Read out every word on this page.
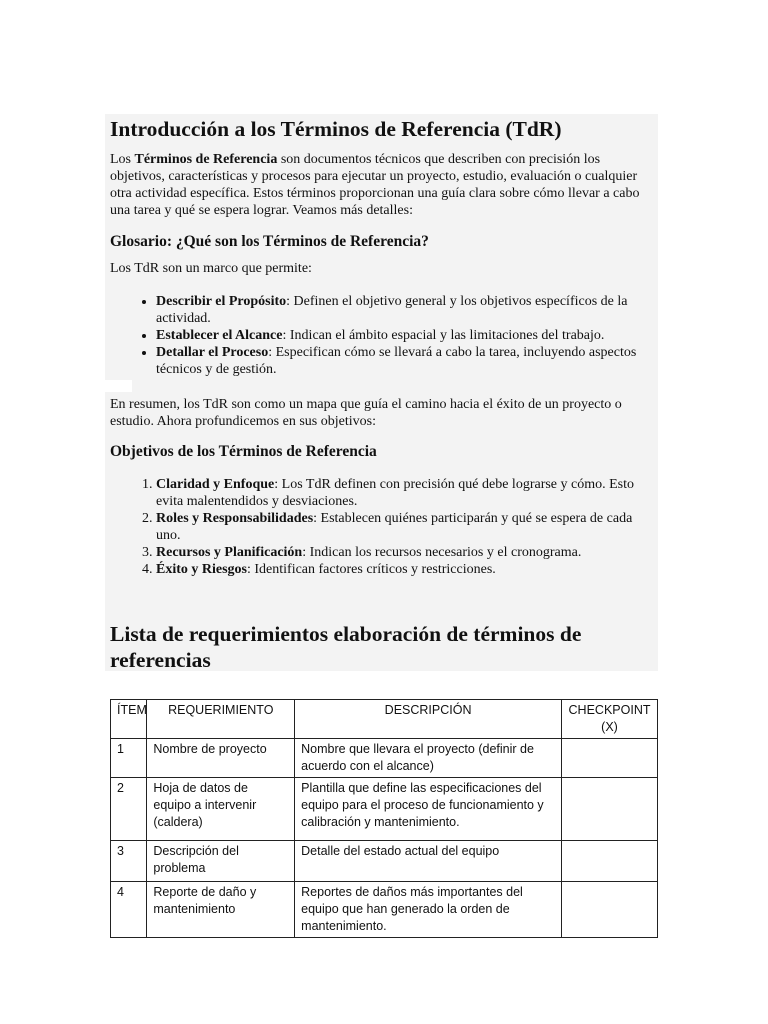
Introducción a los Términos de Referencia (TdR)

Los Términos de Referencia son documentos técnicos que describen con precisión los objetivos, características y procesos para ejecutar un proyecto, estudio, evaluación o cualquier otra actividad específica. Estos términos proporcionan una guía clara sobre cómo llevar a cabo una tarea y qué se espera lograr. Veamos más detalles:

Glosario: ¿Qué son los Términos de Referencia?

Los TdR son un marco que permite:

• Describir el Propósito: Definen el objetivo general y los objetivos específicos de la actividad.
• Establecer el Alcance: Indican el ámbito espacial y las limitaciones del trabajo.
• Detallar el Proceso: Especifican cómo se llevará a cabo la tarea, incluyendo aspectos técnicos y de gestión.

En resumen, los TdR son como un mapa que guía el camino hacia el éxito de un proyecto o estudio. Ahora profundicemos en sus objetivos:

Objetivos de los Términos de Referencia
1. Claridad y Enfoque: Los TdR definen con precisión qué debe lograrse y cómo. Esto evita malentendidos y desviaciones.
2. Roles y Responsabilidades: Establecen quiénes participarán y qué se espera de cada uno.
3. Recursos y Planificación: Indican los recursos necesarios y el cronograma.
4. Éxito y Riesgos: Identifican factores críticos y restricciones.
Lista de requerimientos elaboración de términos de referencias
ÍTEM	REQUERIMIENTO	DESCRIPCIÓN	CHECKPOINT (X)
1	Nombre de proyecto	Nombre que llevara el proyecto (definir de acuerdo con el alcance)	
2	Hoja de datos de equipo a intervenir (caldera)	Plantilla que define las especificaciones del equipo para el proceso de funcionamiento y calibración y mantenimiento.	
3	Descripción del problema	Detalle del estado actual del equipo	
4	Reporte de daño y mantenimiento	Reportes de daños más importantes del equipo que han generado la orden de mantenimiento.	
